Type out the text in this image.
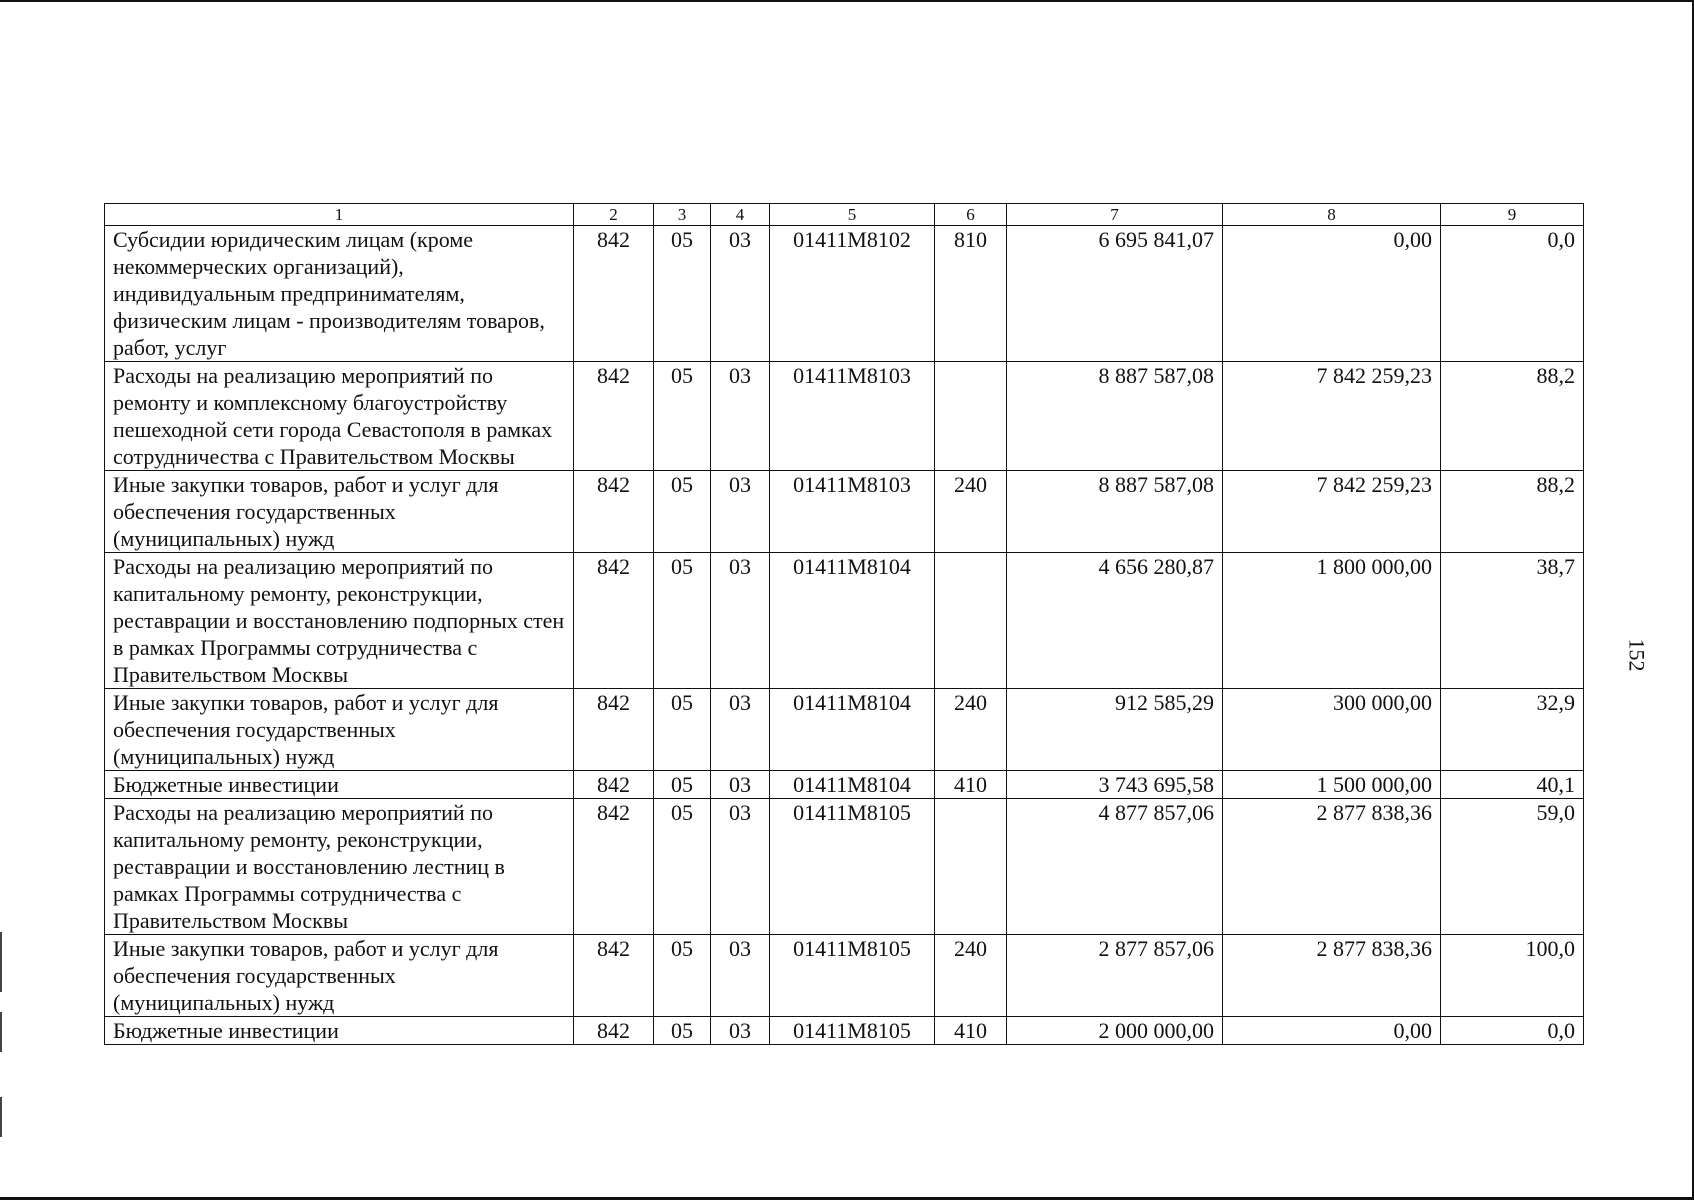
1	2	3	4	5	6	7	8	9
Субсидии юридическим лицам (кроме некоммерческих организаций), индивидуальным предпринимателям, физическим лицам - производителям товаров, работ, услуг	842	05	03	01411M8102	810	6 695 841,07	0,00	0,0
Расходы на реализацию мероприятий по ремонту и комплексному благоустройству пешеходной сети города Севастополя в рамках сотрудничества с Правительством Москвы	842	05	03	01411M8103		8 887 587,08	7 842 259,23	88,2
Иные закупки товаров, работ и услуг для обеспечения государственных (муниципальных) нужд	842	05	03	01411M8103	240	8 887 587,08	7 842 259,23	88,2
Расходы на реализацию мероприятий по капитальному ремонту, реконструкции, реставрации и восстановлению подпорных стен в рамках Программы сотрудничества с Правительством Москвы	842	05	03	01411M8104		4 656 280,87	1 800 000,00	38,7
Иные закупки товаров, работ и услуг для обеспечения государственных (муниципальных) нужд	842	05	03	01411M8104	240	912 585,29	300 000,00	32,9
Бюджетные инвестиции	842	05	03	01411M8104	410	3 743 695,58	1 500 000,00	40,1
Расходы на реализацию мероприятий по капитальному ремонту, реконструкции, реставрации и восстановлению лестниц в рамках Программы сотрудничества с Правительством Москвы	842	05	03	01411M8105		4 877 857,06	2 877 838,36	59,0
Иные закупки товаров, работ и услуг для обеспечения государственных (муниципальных) нужд	842	05	03	01411M8105	240	2 877 857,06	2 877 838,36	100,0
Бюджетные инвестиции	842	05	03	01411M8105	410	2 000 000,00	0,00	0,0
152
